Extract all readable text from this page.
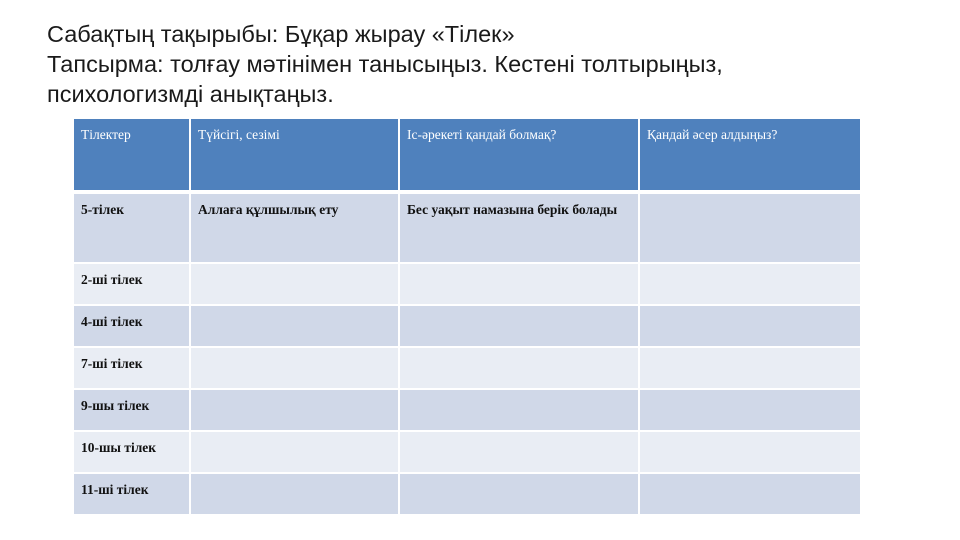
Сабақтың тақырыбы: Бұқар жырау «Тілек»
Тапсырма: толғау мәтінімен танысыңыз. Кестені толтырыңыз,
психологизмді анықтаңыз.
Тілектер	Түйсігі, сезімі	Іс-әрекеті қандай болмақ?	Қандай әсер алдыңыз?
5-тілек	Аллаға құлшылық ету	Бес уақыт намазына берік болады	
2-ші тілек			
4-ші тілек			
7-ші тілек			
9-шы тілек			
10-шы тілек			
11-ші тілек			
